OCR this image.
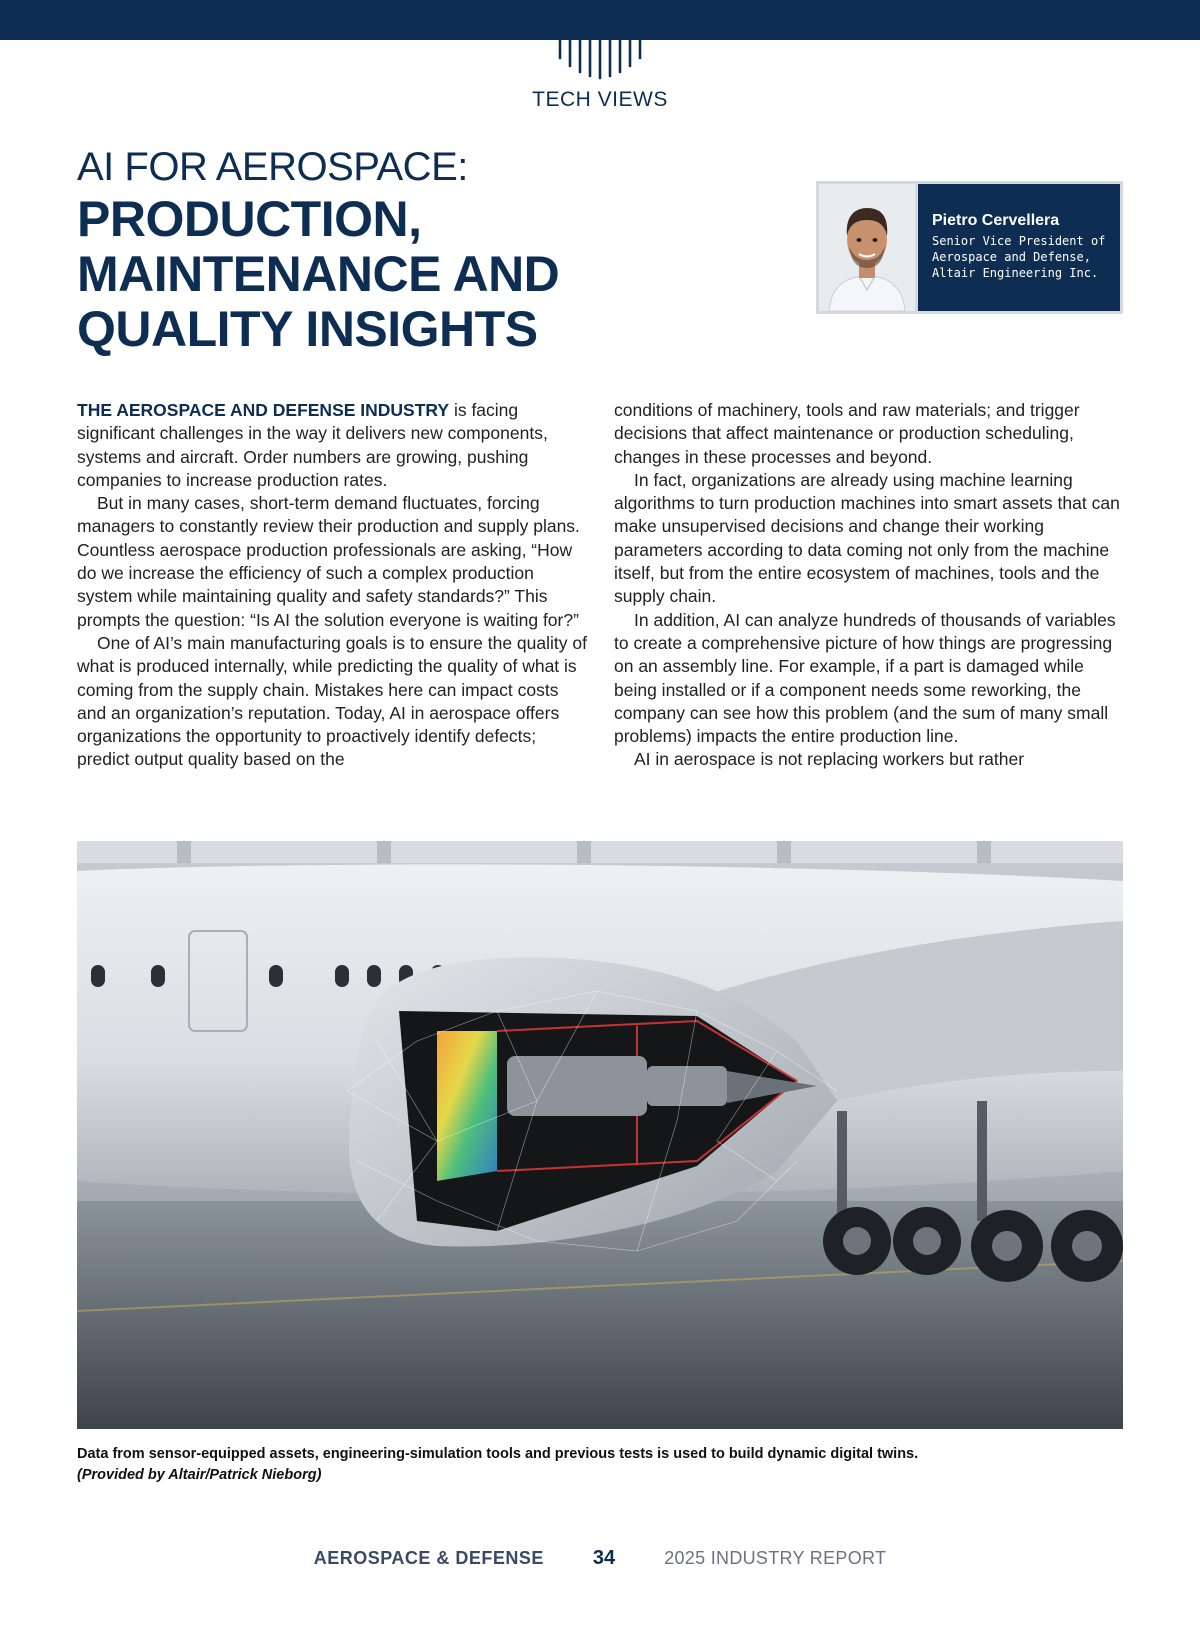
TECH VIEWS
AI FOR AEROSPACE:
PRODUCTION,
MAINTENANCE AND
QUALITY INSIGHTS
Pietro Cervellera
Senior Vice President of
Aerospace and Defense,
Altair Engineering Inc.

THE AEROSPACE AND DEFENSE INDUSTRY is facing significant challenges in the way it delivers new components, systems and aircraft. Order numbers are growing, pushing companies to increase production rates.

But in many cases, short-term demand fluctuates, forcing managers to constantly review their production and supply plans. Countless aerospace production professionals are asking, “How do we increase the efficiency of such a complex production system while maintaining quality and safety standards?” This prompts the question: “Is AI the solution everyone is waiting for?”

One of AI’s main manufacturing goals is to ensure the quality of what is produced internally, while predicting the quality of what is coming from the supply chain. Mistakes here can impact costs and an organization’s reputation. Today, AI in aerospace offers organizations the opportunity to proactively identify defects; predict output quality based on the

conditions of machinery, tools and raw materials; and trigger decisions that affect maintenance or production scheduling, changes in these processes and beyond.

In fact, organizations are already using machine learning algorithms to turn production machines into smart assets that can make unsupervised decisions and change their working parameters according to data coming not only from the machine itself, but from the entire ecosystem of machines, tools and the supply chain.

In addition, AI can analyze hundreds of thousands of variables to create a comprehensive picture of how things are progressing on an assembly line. For example, if a part is damaged while being installed or if a component needs some reworking, the company can see how this problem (and the sum of many small problems) impacts the entire production line.

AI in aerospace is not replacing workers but rather

Data from sensor-equipped assets, engineering-simulation tools and previous tests is used to build dynamic digital twins.
(Provided by Altair/Patrick Nieborg)
AEROSPACE & DEFENSE 34	2025 INDUSTRY REPORT
